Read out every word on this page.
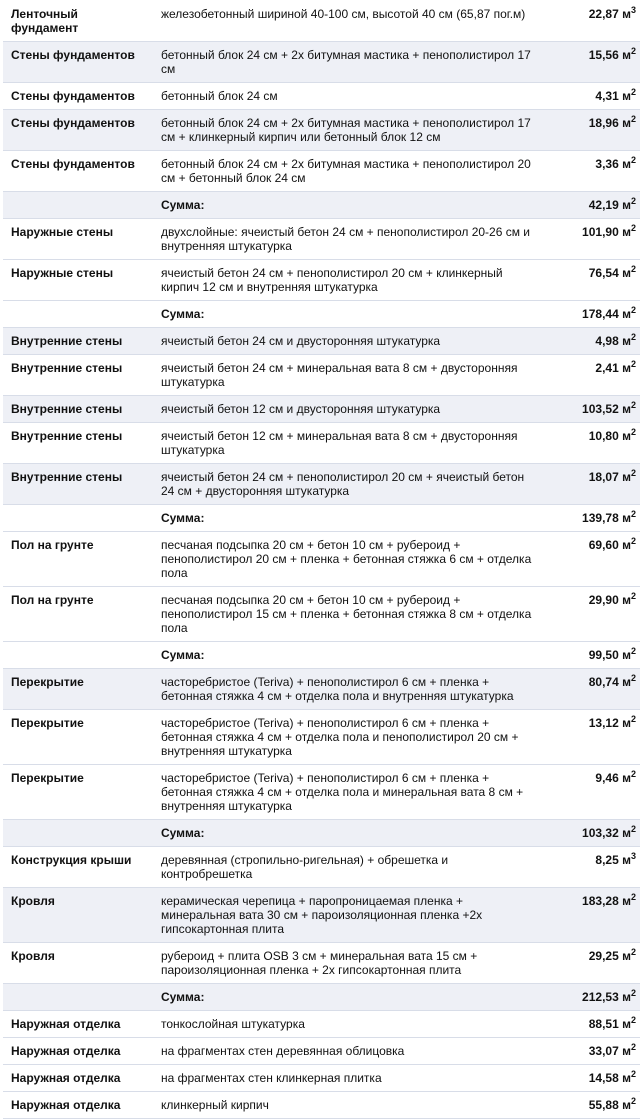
Ленточный фундамент	железобетонный шириной 40-100 см, высотой 40 см (65,87 пог.м)	22,87 $м^3$
Стены фундаментов	бетонный блок 24 см + 2x битумная мастика + пенополистирол 17 см	15,56 $м^2$
Стены фундаментов	бетонный блок 24 см	4,31 $м^2$
Стены фундаментов	бетонный блок 24 см + 2x битумная мастика + пенополистирол 17 см + клинкерный кирпич или бетонный блок 12 см	18,96 $м^2$
Стены фундаментов	бетонный блок 24 см + 2x битумная мастика + пенополистирол 20 см + бетонный блок 24 см	3,36 $м^2$
	Сумма:	42,19 $м^2$
Наружные стены	двухслойные: ячеистый бетон 24 см + пенополистирол 20-26 см и внутренняя штукатурка	101,90 $м^2$
Наружные стены	ячеистый бетон 24 см + пенополистирол 20 см + клинкерный кирпич 12 см и внутренняя штукатурка	76,54 $м^2$
	Сумма:	178,44 $м^2$
Внутренние стены	ячеистый бетон 24 см и двусторонняя штукатурка	4,98 $м^2$
Внутренние стены	ячеистый бетон 24 см + минеральная вата 8 см + двусторонняя штукатурка	2,41 $м^2$
Внутренние стены	ячеистый бетон 12 см и двусторонняя штукатурка	103,52 $м^2$
Внутренние стены	ячеистый бетон 12 см + минеральная вата 8 см + двусторонняя штукатурка	10,80 $м^2$
Внутренние стены	ячеистый бетон 24 см + пенополистирол 20 см + ячеистый бетон 24 см + двусторонняя штукатурка	18,07 $м^2$
	Сумма:	139,78 $м^2$
Пол на грунте	песчаная подсыпка 20 см + бетон 10 см + рубероид + пенополистирол 20 см + пленка + бетонная стяжка 6 см + отделка пола	69,60 $м^2$
Пол на грунте	песчаная подсыпка 20 см + бетон 10 см + рубероид + пенополистирол 15 см + пленка + бетонная стяжка 8 см + отделка пола	29,90 $м^2$
	Сумма:	99,50 $м^2$
Перекрытие	часторебристое (Teriva) + пенополистирол 6 см + пленка + бетонная стяжка 4 см + отделка пола и внутренняя штукатурка	80,74 $м^2$
Перекрытие	часторебристое (Teriva) + пенополистирол 6 см + пленка + бетонная стяжка 4 см + отделка пола и пенополистирол 20 см + внутренняя штукатурка	13,12 $м^2$
Перекрытие	часторебристое (Teriva) + пенополистирол 6 см + пленка + бетонная стяжка 4 см + отделка пола и минеральная вата 8 см + внутренняя штукатурка	9,46 $м^2$
	Сумма:	103,32 $м^2$
Конструкция крыши	деревянная (стропильно-ригельная) + обрешетка и контробрешетка	8,25 $м^3$
Кровля	керамическая черепица + паропроницаемая пленка + минеральная вата 30 см + пароизоляционная пленка +2x гипсокартонная плита	183,28 $м^2$
Кровля	рубероид + плита OSB 3 см + минеральная вата 15 см + пароизоляционная пленка + 2x гипсокартонная плита	29,25 $м^2$
	Сумма:	212,53 $м^2$
Наружная отделка	тонкослойная штукатурка	88,51 $м^2$
Наружная отделка	на фрагментах стен деревянная облицовка	33,07 $м^2$
Наружная отделка	на фрагментах стен клинкерная плитка	14,58 $м^2$
Наружная отделка	клинкерный кирпич	55,88 $м^2$
